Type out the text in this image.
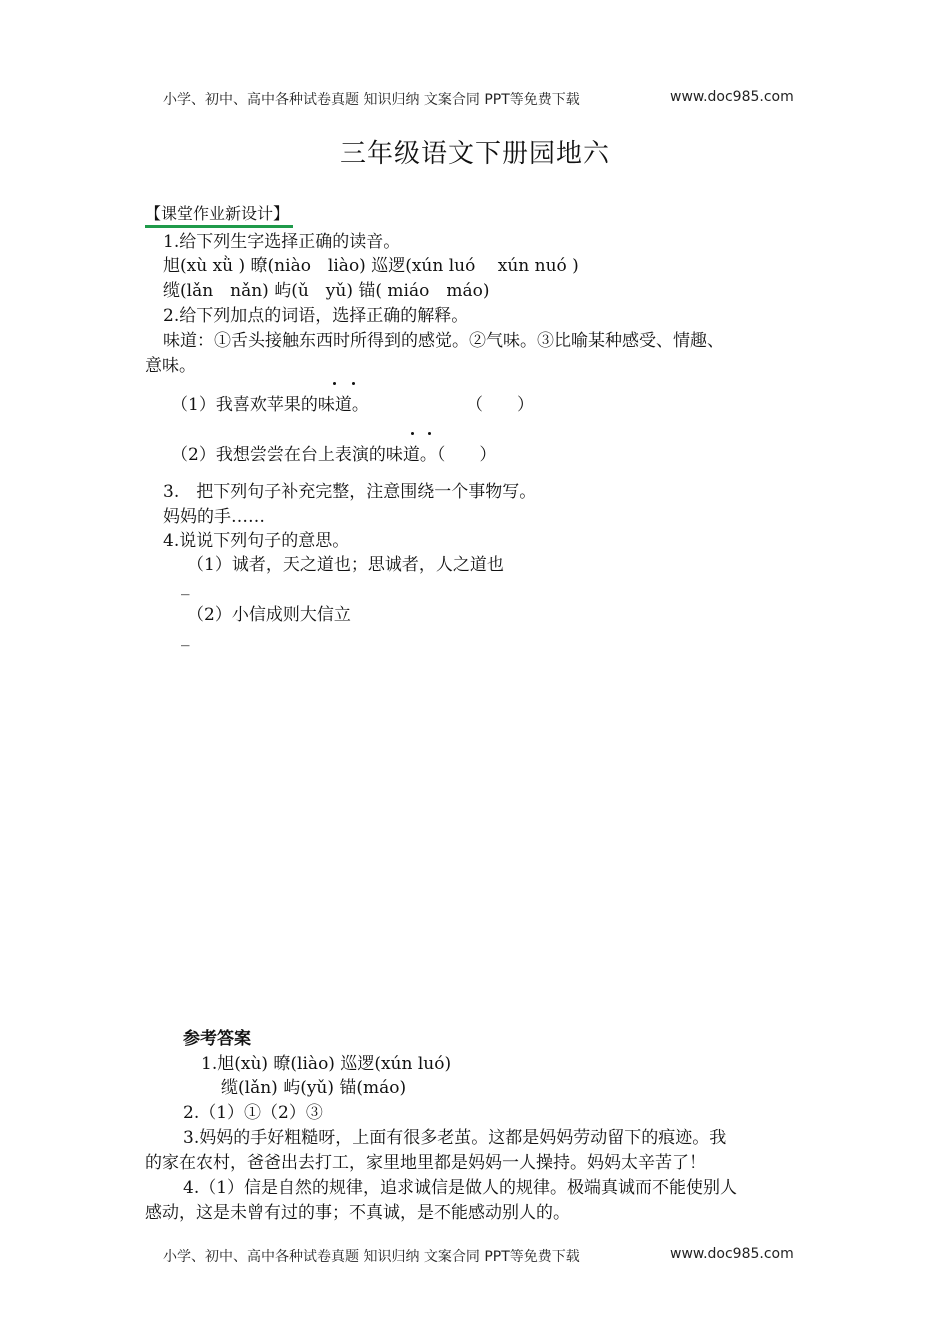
小学、初中、高中各种试卷真题 知识归纳 文案合同 PPT等免费下载	www.doc985.com
三年级语文下册园地六
【课堂作业新设计】
1.给下列生字选择正确的读音。
旭(xù xǜ ) 暸(niào　liào) 巡逻(xún luó　 xún nuó )
缆(lǎn　nǎn) 屿(ǔ　yǔ) 锚( miáo　máo)
2.给下列加点的词语，选择正确的解释。
味道：①舌头接触东西时所得到的感觉。②气味。③比喻某种感受、情趣、
意味。
（1）我喜欢苹果的味道。	（　　）
（2）我想尝尝在台上表演的味道。（　　）
3.　把下列句子补充完整，注意围绕一个事物写。
妈妈的手……
4.说说下列句子的意思。
（1）诚者，天之道也；思诚者，人之道也
_
（2）小信成则大信立
_
参考答案
1.旭(xù) 暸(liào) 巡逻(xún luó)
缆(lǎn) 屿(yǔ) 锚(máo)
2.（1）①（2）③
3.妈妈的手好粗糙呀，上面有很多老茧。这都是妈妈劳动留下的痕迹。我
的家在农村，爸爸出去打工，家里地里都是妈妈一人操持。妈妈太辛苦了！
4.（1）信是自然的规律，追求诚信是做人的规律。极端真诚而不能使别人
感动，这是未曾有过的事；不真诚，是不能感动别人的。
小学、初中、高中各种试卷真题 知识归纳 文案合同 PPT等免费下载	www.doc985.com
